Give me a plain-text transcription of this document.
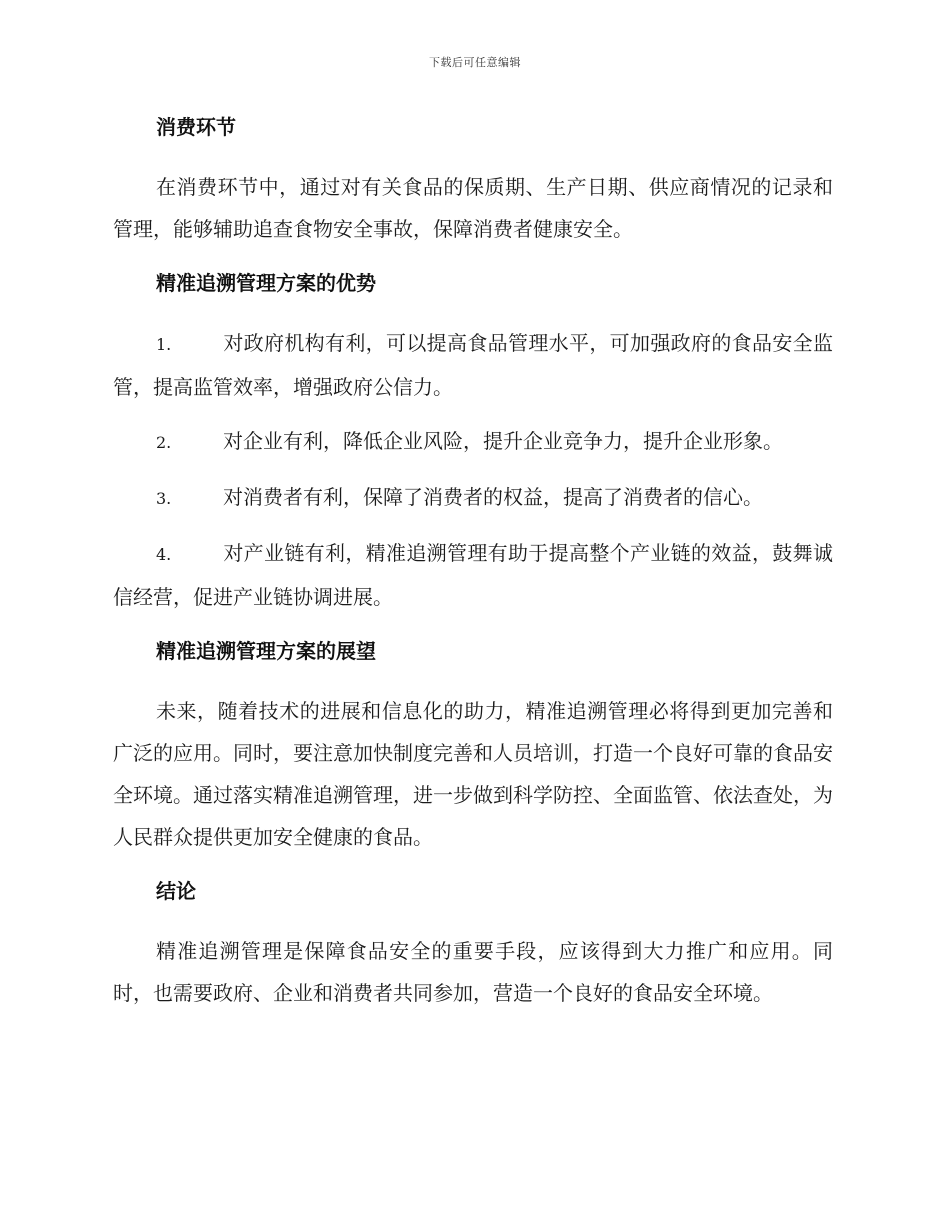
下载后可任意编辑
消费环节

在消费环节中，通过对有关食品的保质期、生产日期、供应商情况的记录和管理，能够辅助追查食物安全事故，保障消费者健康安全。

精准追溯管理方案的优势
1.	对政府机构有利，可以提高食品管理水平，可加强政府的食品安全监管，提高监管效率，增强政府公信力。
2.	对企业有利，降低企业风险，提升企业竞争力，提升企业形象。
3.	对消费者有利，保障了消费者的权益，提高了消费者的信心。
4.	对产业链有利，精准追溯管理有助于提高整个产业链的效益，鼓舞诚信经营，促进产业链协调进展。
精准追溯管理方案的展望

未来，随着技术的进展和信息化的助力，精准追溯管理必将得到更加完善和广泛的应用。同时，要注意加快制度完善和人员培训，打造一个良好可靠的食品安全环境。通过落实精准追溯管理，进一步做到科学防控、全面监管、依法查处，为人民群众提供更加安全健康的食品。

结论

精准追溯管理是保障食品安全的重要手段，应该得到大力推广和应用。同时，也需要政府、企业和消费者共同参加，营造一个良好的食品安全环境。
